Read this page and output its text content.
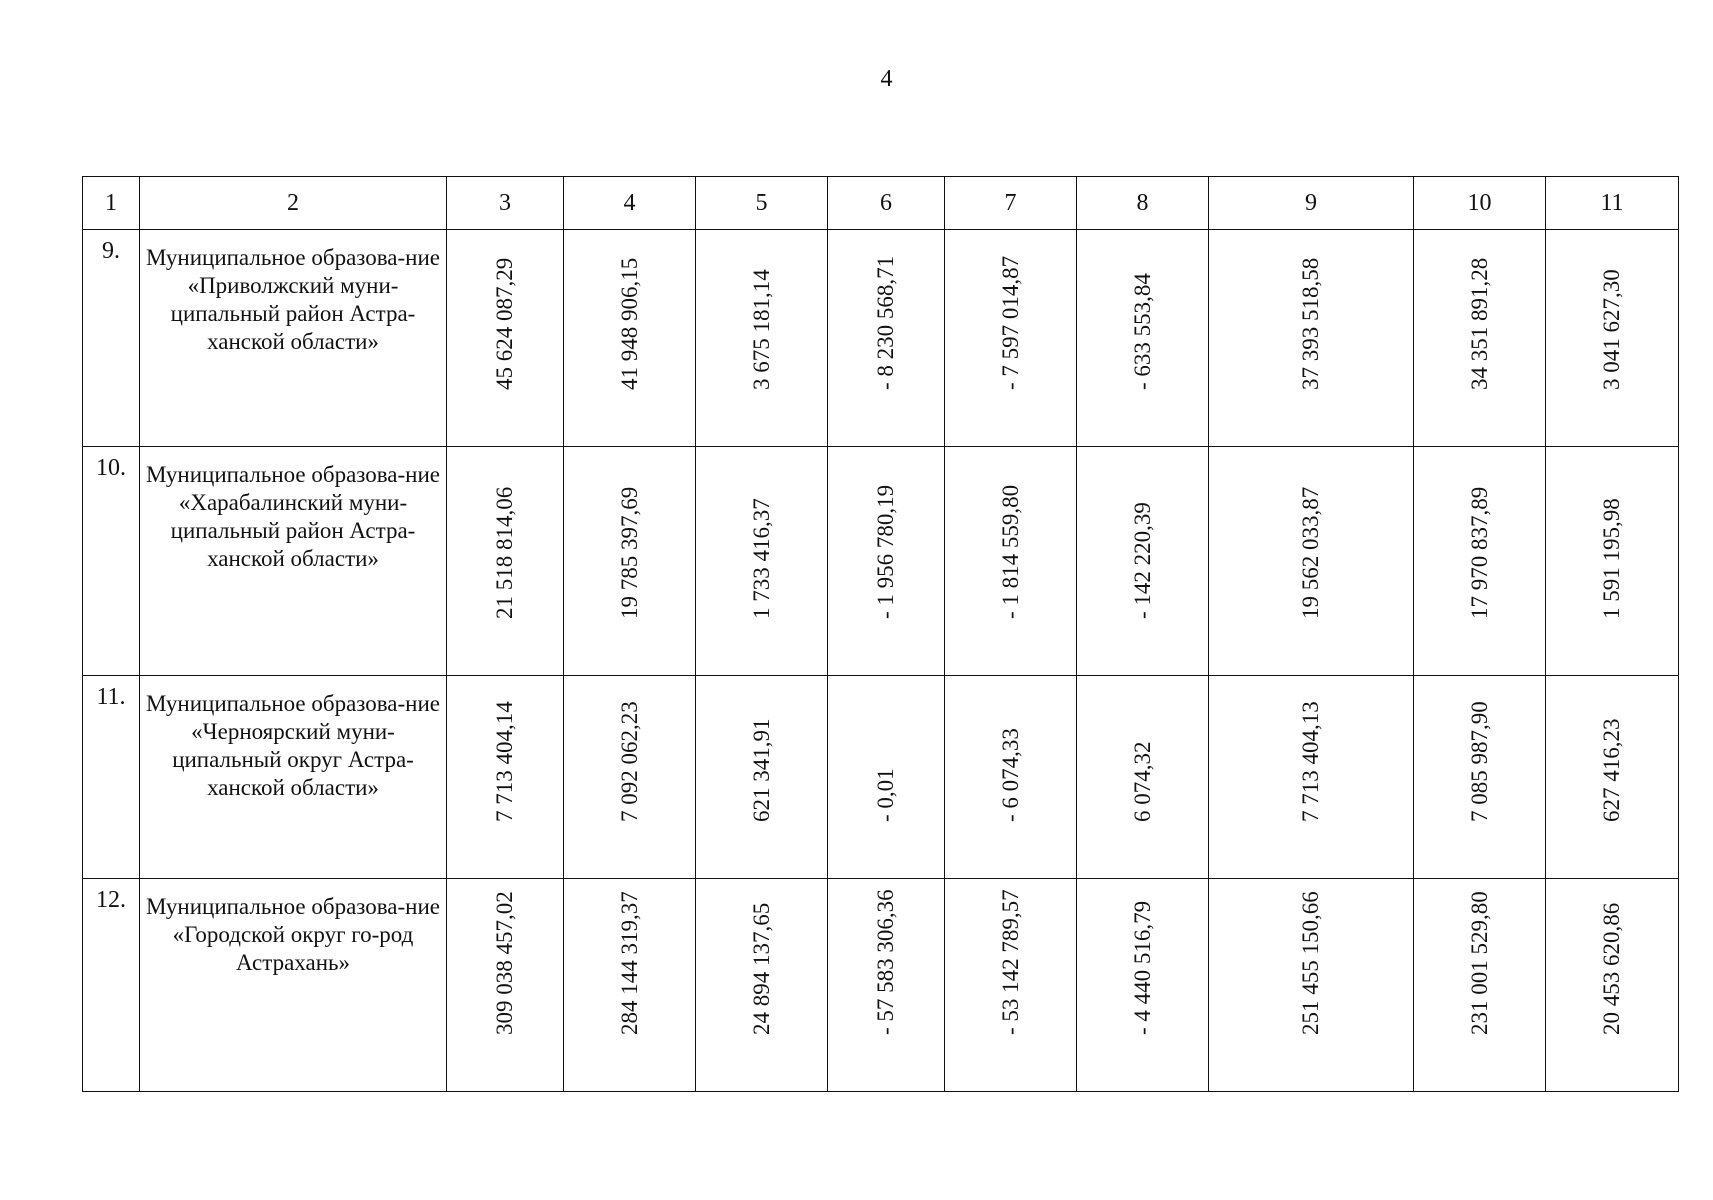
4
1	2	3	4	5	6	7	8	9	10	11
9.	Муниципальное образова-ние «Приволжский муни-ципальный район Астра-ханской области»	45 624 087,29	41 948 906,15	3 675 181,14	- 8 230 568,71	- 7 597 014,87	- 633 553,84	37 393 518,58	34 351 891,28	3 041 627,30

10.	Муниципальное образова-ние «Харабалинский муни-ципальный район Астра-ханской области»	21 518 814,06	19 785 397,69	1 733 416,37	- 1 956 780,19	- 1 814 559,80	- 142 220,39	19 562 033,87	17 970 837,89	1 591 195,98

11.	Муниципальное образова-ние «Черноярский муни-ципальный округ Астра-ханской области»	7 713 404,14	7 092 062,23	621 341,91	- 0,01	- 6 074,33	6 074,32	7 713 404,13	7 085 987,90	627 416,23

12.	Муниципальное образова-ние «Городской округ го-род Астрахань»	309 038 457,02	284 144 319,37	24 894 137,65	- 57 583 306,36	- 53 142 789,57	- 4 440 516,79	251 455 150,66	231 001 529,80	20 453 620,86
